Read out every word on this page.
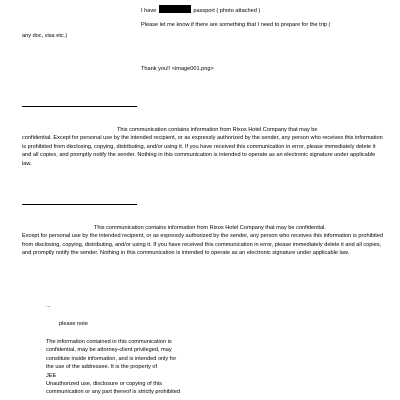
I have	passport ( photo attached )

Please let me know if there are something that I need to prepare for the trip (

any doc, visa etc.)

Thank you!! <image001.png>

This communication contains information from Rixos Hotel Company that may be
confidential. Except for personal use by the intended recipient, or as expressly authorized by the sender, any person who receives this information is prohibited from disclosing, copying, distributing, and/or using it. If you have received this communication in error, please immediately delete it and all copies, and promptly notify the sender. Nothing in this communication is intended to operate as an electronic signature under applicable law.
This communication contains information from Rixos Hotel Company that may be confidential.
Except for personal use by the intended recipient, or as expressly authorized by the sender, any person who receives this information is prohibited from disclosing, copying, distributing, and/or using it. If you have received this communication in error, please immediately delete it and all copies, and promptly notify the sender. Nothing in this communication is intended to operate as an electronic signature under applicable law.

...

please note

The information contained in this communication is
confidential, may be attorney-client privileged, may
constitute inside information, and is intended only for
the use of the addressee. It is the property of
JEE
Unauthorized use, disclosure or copying of this
communication or any part thereof is strictly prohibited
